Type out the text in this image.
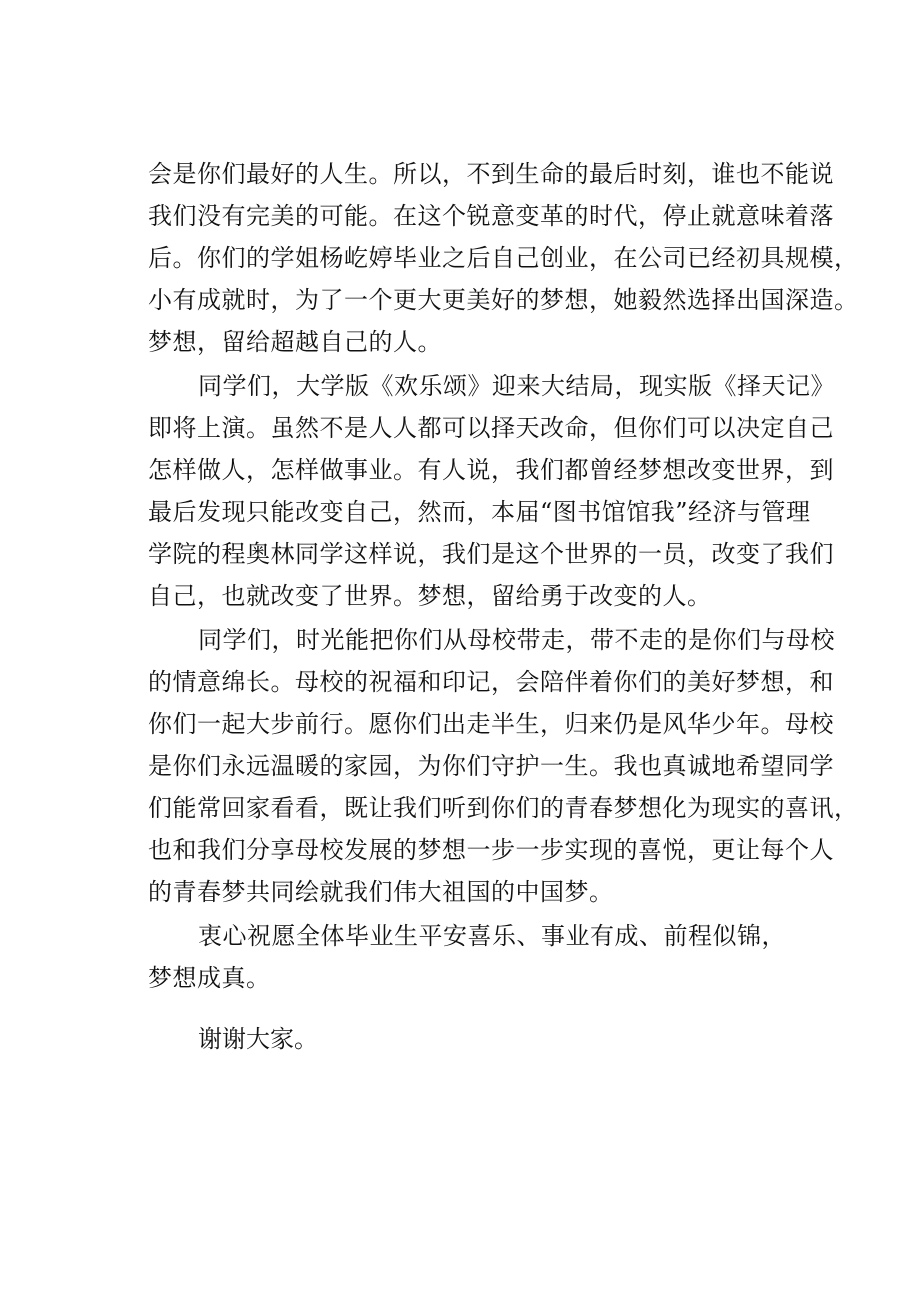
会是你们最好的人生。所以，不到生命的最后时刻，谁也不能说
我们没有完美的可能。在这个锐意变革的时代，停止就意味着落
后。你们的学姐杨屹婷毕业之后自己创业，在公司已经初具规模，
小有成就时，为了一个更大更美好的梦想，她毅然选择出国深造。
梦想，留给超越自己的人。
同学们，大学版《欢乐颂》迎来大结局，现实版《择天记》
即将上演。虽然不是人人都可以择天改命，但你们可以决定自己
怎样做人，怎样做事业。有人说，我们都曾经梦想改变世界，到
最后发现只能改变自己，然而，本届“图书馆馆我”经济与管理
学院的程奥林同学这样说，我们是这个世界的一员，改变了我们
自己，也就改变了世界。梦想，留给勇于改变的人。
同学们，时光能把你们从母校带走，带不走的是你们与母校
的情意绵长。母校的祝福和印记，会陪伴着你们的美好梦想，和
你们一起大步前行。愿你们出走半生，归来仍是风华少年。母校
是你们永远温暖的家园，为你们守护一生。我也真诚地希望同学
们能常回家看看，既让我们听到你们的青春梦想化为现实的喜讯，
也和我们分享母校发展的梦想一步一步实现的喜悦，更让每个人
的青春梦共同绘就我们伟大祖国的中国梦。
衷心祝愿全体毕业生平安喜乐、事业有成、前程似锦，
梦想成真。
谢谢大家。
